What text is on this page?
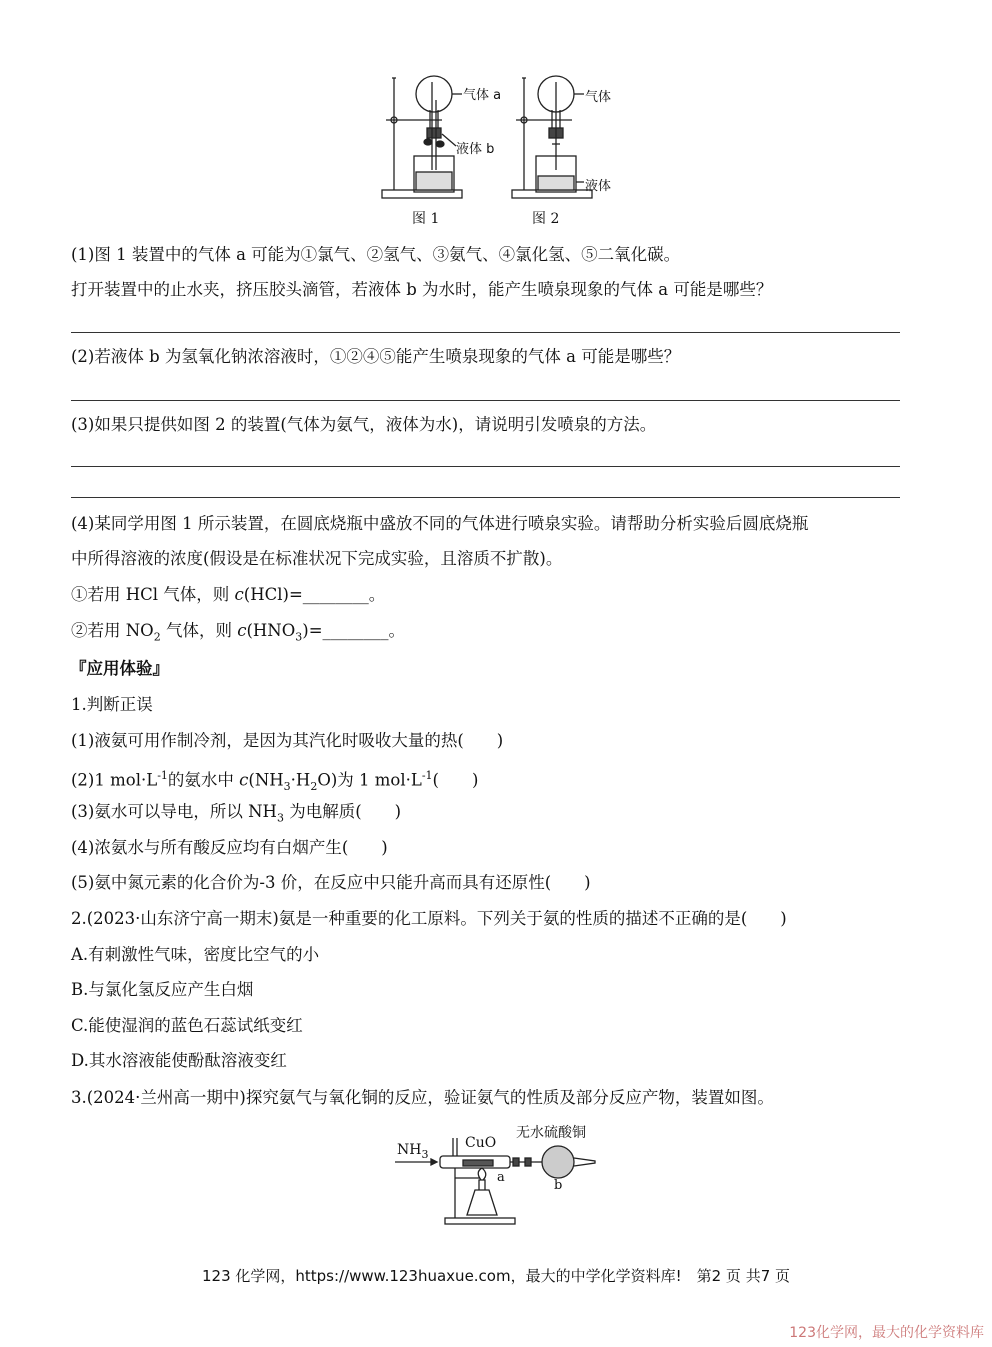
气体 a
液体 b
图 1
气体
液体
图 2
(1)图 1 装置中的气体 a 可能为①氯气、②氢气、③氨气、④氯化氢、⑤二氧化碳。
打开装置中的止水夹，挤压胶头滴管，若液体 b 为水时，能产生喷泉现象的气体 a 可能是哪些？
(2)若液体 b 为氢氧化钠浓溶液时，①②④⑤能产生喷泉现象的气体 a 可能是哪些？
(3)如果只提供如图 2 的装置(气体为氨气，液体为水)，请说明引发喷泉的方法。
(4)某同学用图 1 所示装置，在圆底烧瓶中盛放不同的气体进行喷泉实验。请帮助分析实验后圆底烧瓶
中所得溶液的浓度(假设是在标准状况下完成实验，且溶质不扩散)。
①若用 HCl 气体，则 c(HCl)=________。
②若用 $NO_2$ 气体，则 $c(HNO_3)=\_\_\_\_\_\_\_\_$。
『应用体验』
1.判断正误
(1)液氨可用作制冷剂，是因为其汽化时吸收大量的热(　　)
(2)1 $mol\cdot L^{-1}$的氨水中 $c(NH_3\cdot H_2O)$为 1 $mol\cdot L^{-1}$(　　)
(3)氨水可以导电，所以 $NH_3$ 为电解质(　　)
(4)浓氨水与所有酸反应均有白烟产生(　　)
(5)氨中氮元素的化合价为-3 价，在反应中只能升高而具有还原性(　　)
2.(2023·山东济宁高一期末)氨是一种重要的化工原料。下列关于氨的性质的描述不正确的是(　　)
A.有刺激性气味，密度比空气的小
B.与氯化氢反应产生白烟
C.能使湿润的蓝色石蕊试纸变红
D.其水溶液能使酚酞溶液变红
3.(2024·兰州高一期中)探究氨气与氧化铜的反应，验证氨气的性质及部分反应产物，装置如图。
$NH_3$
CuO
无水硫酸铜
a
b
123 化学网，https://www.123huaxue.com，最大的中学化学资料库!　第2 页 共7 页
123化学网，最大的化学资料库
